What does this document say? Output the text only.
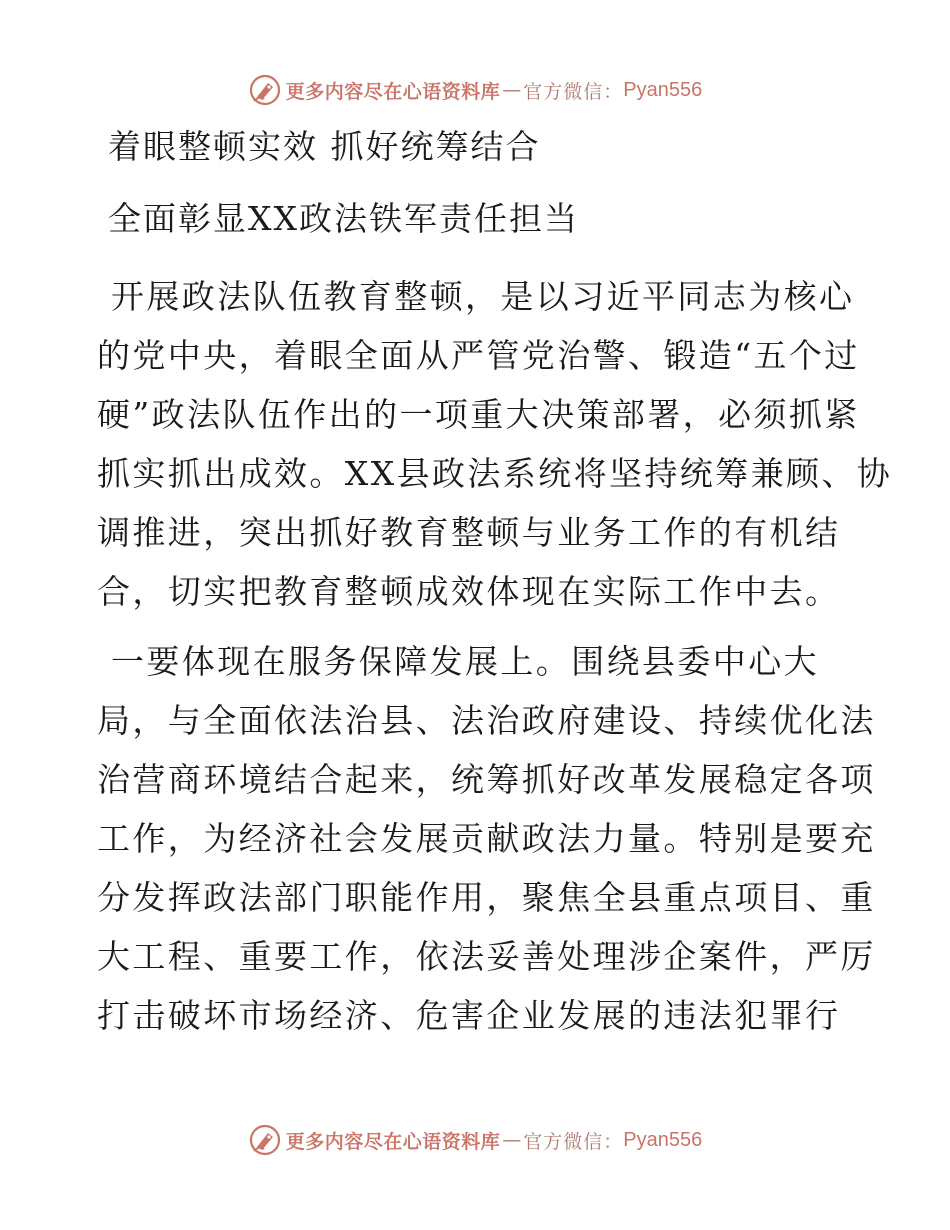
更多内容尽在心语资料库 — 官方微信： Pyan556
着眼整顿实效 抓好统筹结合
全面彰显XX政法铁军责任担当
开展政法队伍教育整顿，是以习近平同志为核心
的党中央，着眼全面从严管党治警、锻造“五个过
硬”政法队伍作出的一项重大决策部署，必须抓紧
抓实抓出成效。XX县政法系统将坚持统筹兼顾、协
调推进，突出抓好教育整顿与业务工作的有机结
合，切实把教育整顿成效体现在实际工作中去。
一要体现在服务保障发展上。围绕县委中心大
局，与全面依法治县、法治政府建设、持续优化法
治营商环境结合起来，统筹抓好改革发展稳定各项
工作，为经济社会发展贡献政法力量。特别是要充
分发挥政法部门职能作用，聚焦全县重点项目、重
大工程、重要工作，依法妥善处理涉企案件，严厉
打击破坏市场经济、危害企业发展的违法犯罪行
更多内容尽在心语资料库 — 官方微信： Pyan556
